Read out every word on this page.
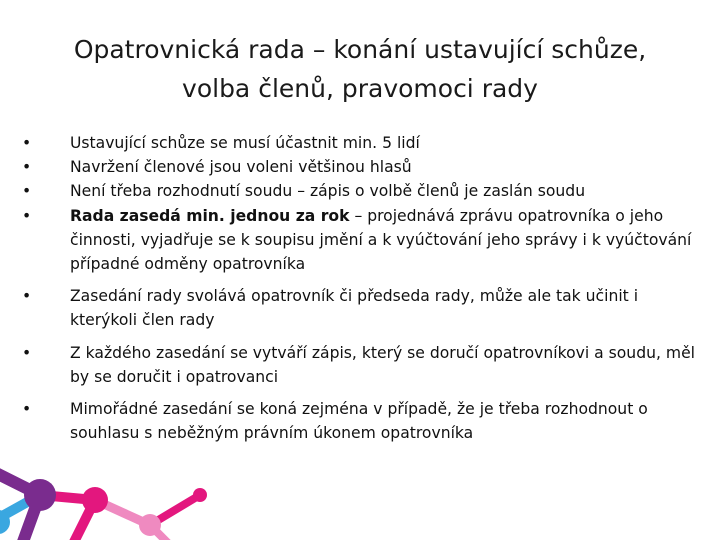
Opatrovnická rada – konání ustavující schůze,
volba členů, pravomoci rady
• Ustavující schůze se musí účastnit min. 5 lidí
• Navržení členové jsou voleni většinou hlasů
• Není třeba rozhodnutí soudu – zápis o volbě členů je zaslán soudu
• Rada zasedá min. jednou za rok – projednává zprávu opatrovníka o jeho činnosti, vyjadřuje se k soupisu jmění a k vyúčtování jeho správy i k vyúčtování případné odměny opatrovníka
• Zasedání rady svolává opatrovník či předseda rady, může ale tak učinit i kterýkoli člen rady
• Z každého zasedání se vytváří zápis, který se doručí opatrovníkovi a soudu, měl by se doručit i opatrovanci
• Mimořádné zasedání se koná zejména v případě, že je třeba rozhodnout o souhlasu s neběžným právním úkonem opatrovníka
